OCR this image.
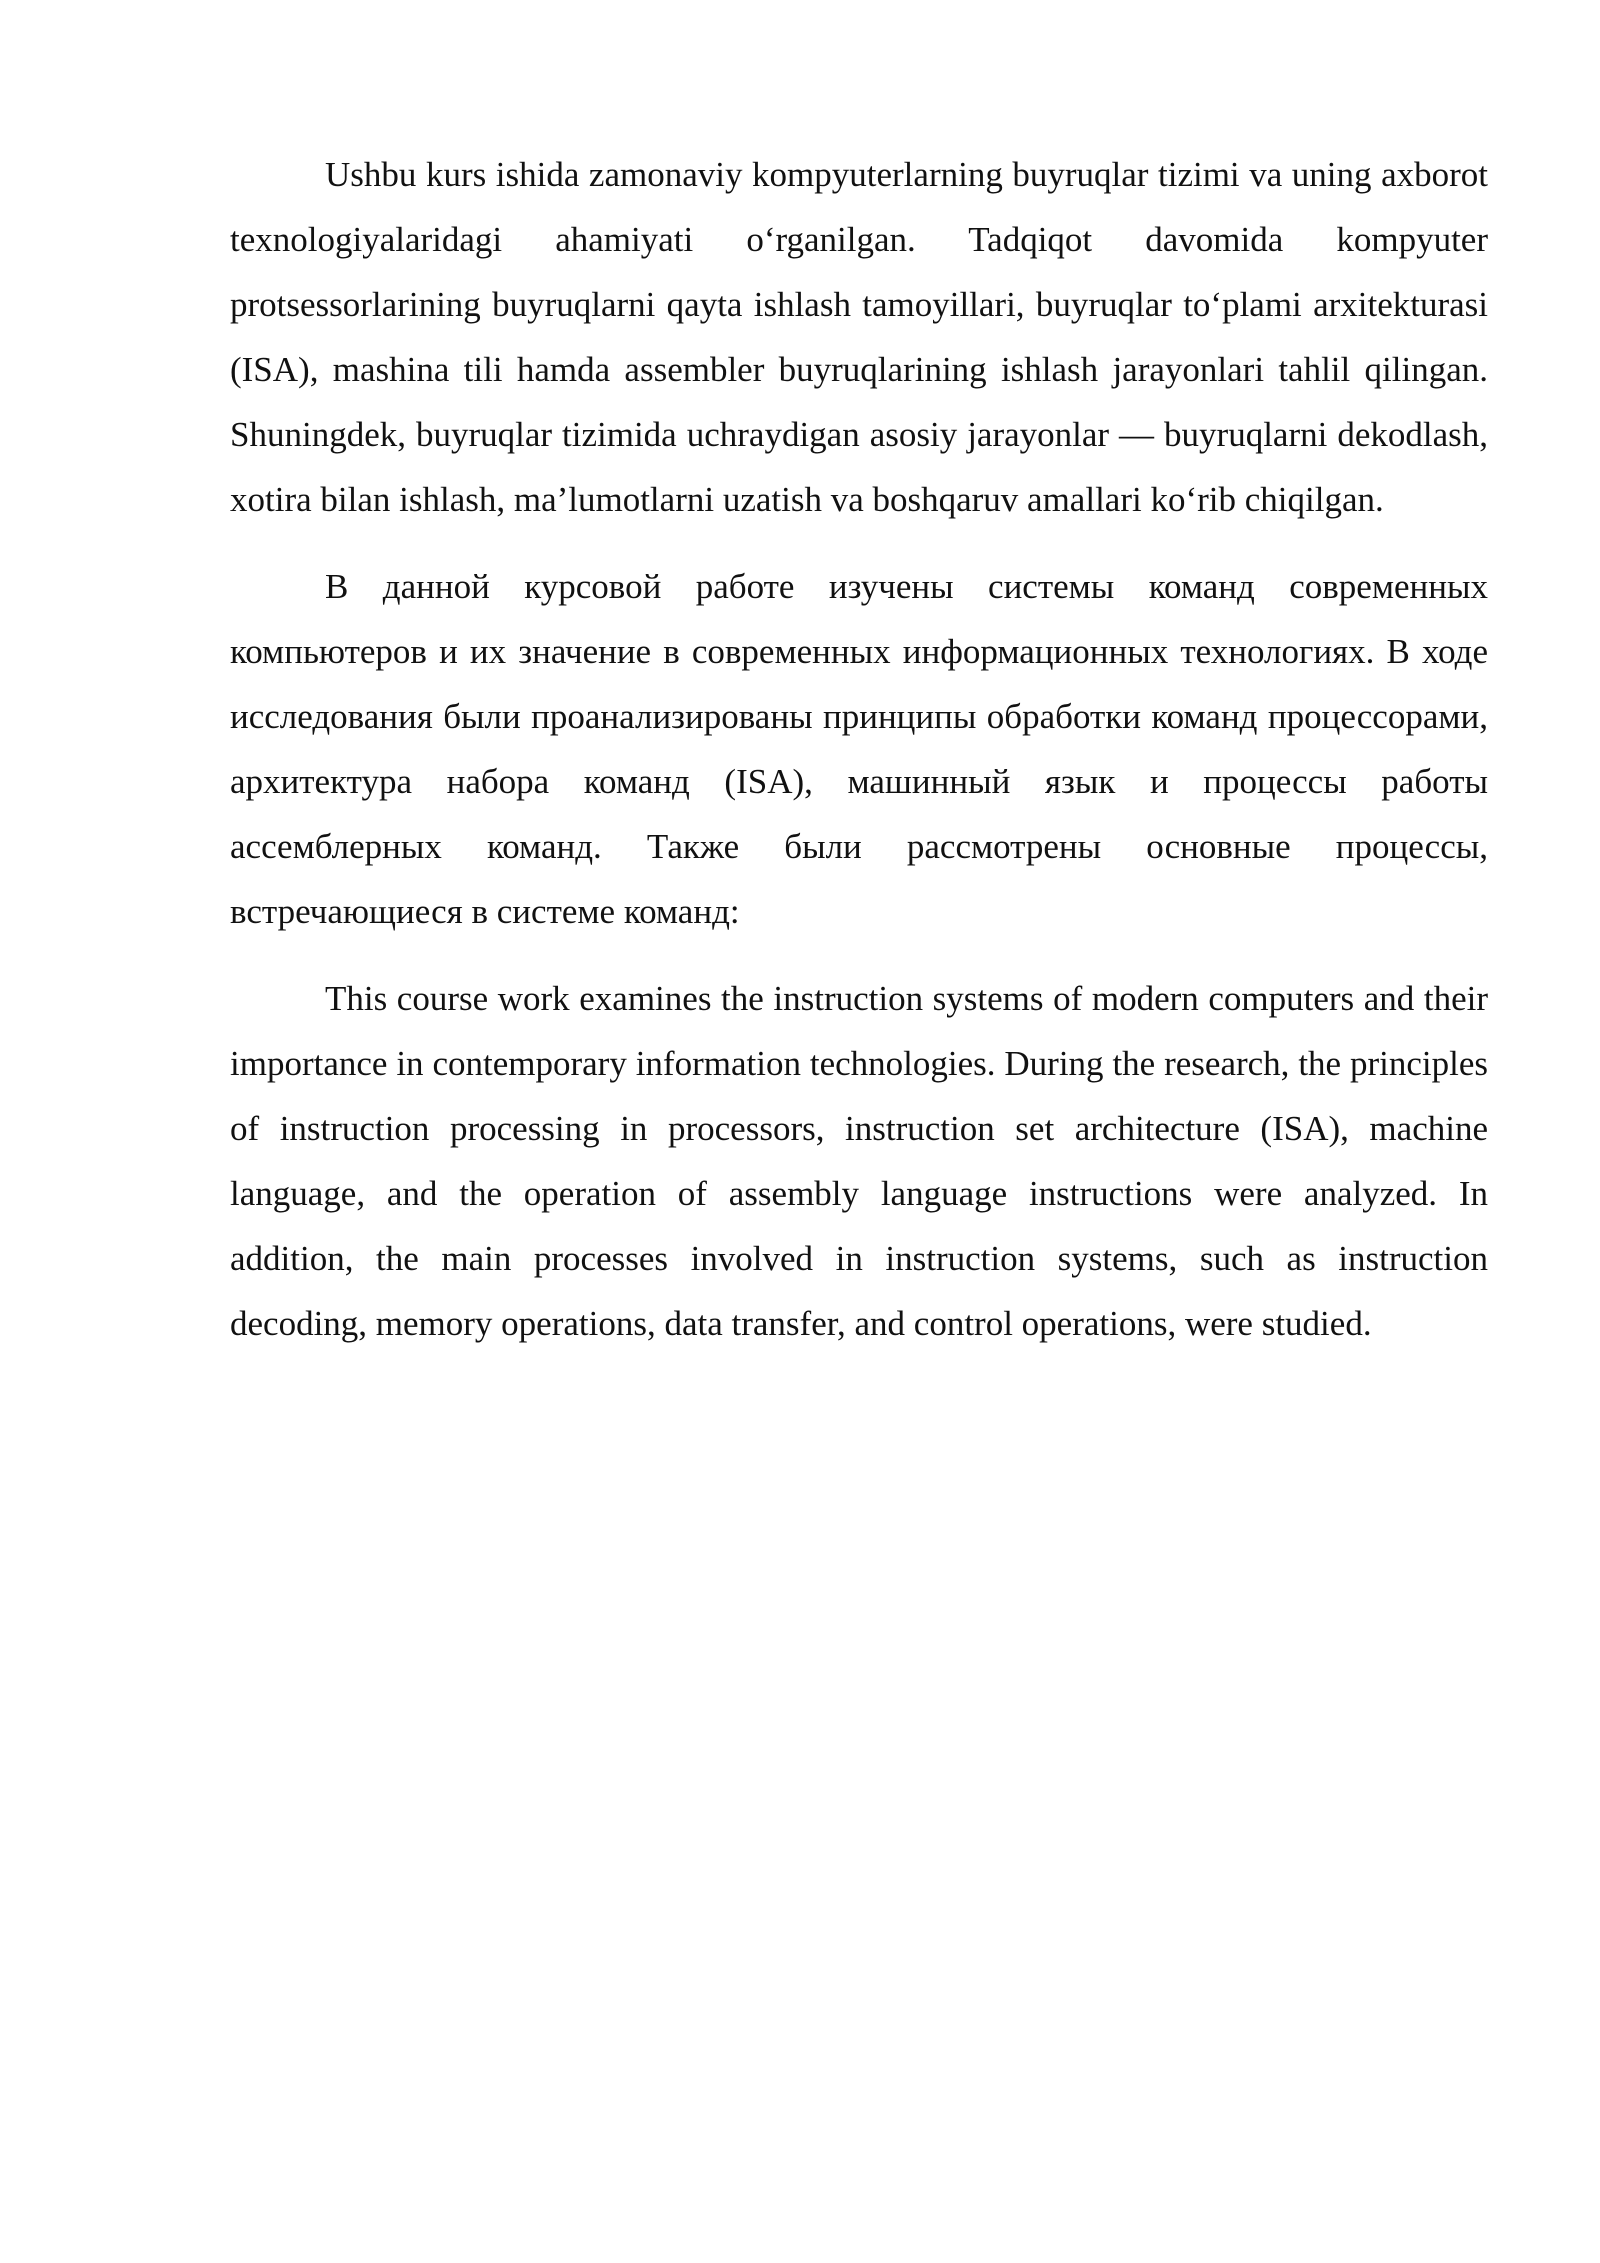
Ushbu kurs ishida zamonaviy kompyuterlarning buyruqlar tizimi va uning axborot texnologiyalaridagi ahamiyati o‘rganilgan. Tadqiqot davomida kompyuter protsessorlarining buyruqlarni qayta ishlash tamoyillari, buyruqlar to‘plami arxitekturasi (ISA), mashina tili hamda assembler buyruqlarining ishlash jarayonlari tahlil qilingan. Shuningdek, buyruqlar tizimida uchraydigan asosiy jarayonlar — buyruqlarni dekodlash, xotira bilan ishlash, ma’lumotlarni uzatish va boshqaruv amallari ko‘rib chiqilgan.

В данной курсовой работе изучены системы команд современных компьютеров и их значение в современных информационных технологиях. В ходе исследования были проанализированы принципы обработки команд процессорами, архитектура набора команд (ISA), машинный язык и процессы работы ассемблерных команд. Также были рассмотрены основные процессы, встречающиеся в системе команд:

This course work examines the instruction systems of modern computers and their importance in contemporary information technologies. During the research, the principles of instruction processing in processors, instruction set architecture (ISA), machine language, and the operation of assembly language instructions were analyzed. In addition, the main processes involved in instruction systems, such as instruction decoding, memory operations, data transfer, and control operations, were studied.
